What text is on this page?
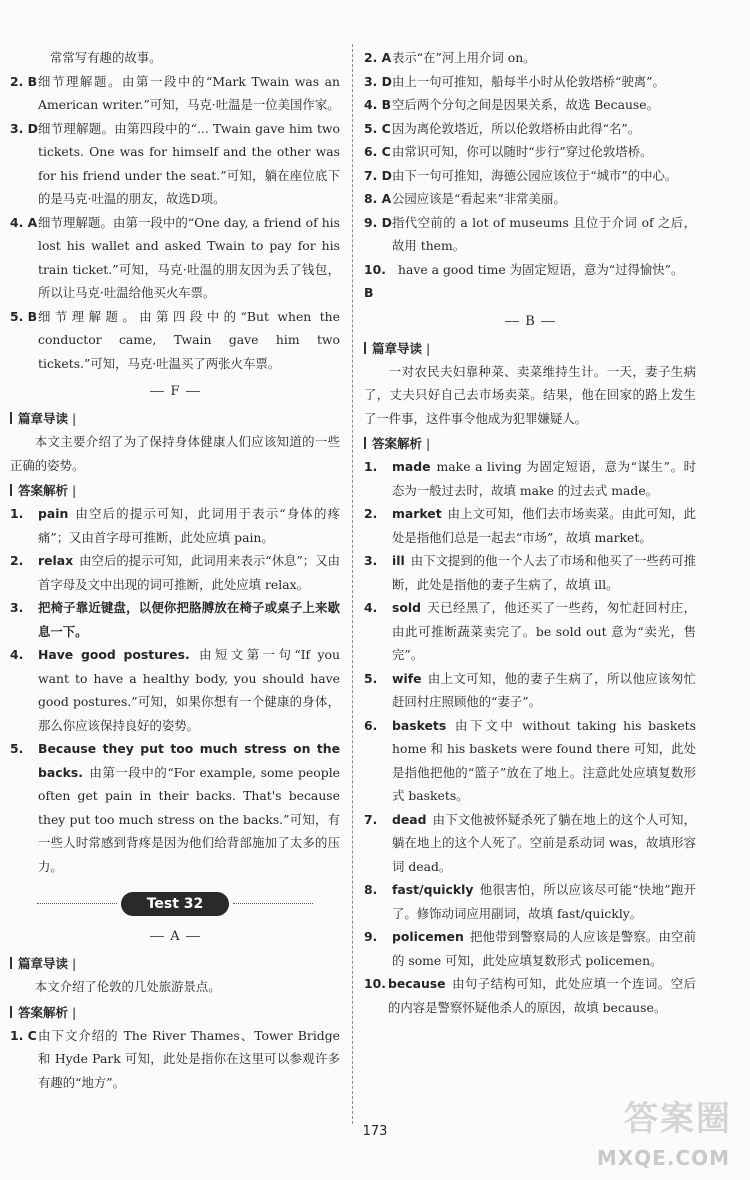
常常写有趣的故事。
2. B 细节理解题。由第一段中的“Mark Twain was an American writer.”可知，马克·吐温是一位美国作家。
3. D 细节理解题。由第四段中的“... Twain gave him two tickets. One was for himself and the other was for his friend under the seat.”可知，躺在座位底下的是马克·吐温的朋友，故选D项。
4. A 细节理解题。由第一段中的“One day, a friend of his lost his wallet and asked Twain to pay for his train ticket.”可知，马克·吐温的朋友因为丢了钱包，所以让马克·吐温给他买火车票。
5. B 细节理解题。由第四段中的“But when the conductor came, Twain gave him two tickets.”可知，马克·吐温买了两张火车票。
F
篇章导读 |

本文主要介绍了为了保持身体健康人们应该知道的一些正确的姿势。

答案解析 |
1.	pain 由空后的提示可知，此词用于表示“身体的疼痛”；又由首字母可推断，此处应填 pain。
2.	relax 由空后的提示可知，此词用来表示“休息”；又由首字母及文中出现的词可推断，此处应填 relax。
3.	把椅子靠近键盘，以便你把胳膊放在椅子或桌子上来歇息一下。
4.	Have good postures. 由短文第一句“If you want to have a healthy body, you should have good postures.”可知，如果你想有一个健康的身体，那么你应该保持良好的姿势。
5.	Because they put too much stress on the backs. 由第一段中的“For example, some people often get pain in their backs. That's because they put too much stress on the backs.”可知，有一些人时常感到背疼是因为他们给背部施加了太多的压力。
Test 32
A
篇章导读 |

本文介绍了伦敦的几处旅游景点。

答案解析 |
1. C 由下文介绍的 The River Thames、Tower Bridge 和 Hyde Park 可知，此处是指你在这里可以参观许多有趣的“地方”。
2. A 表示“在”河上用介词 on。
3. D 由上一句可推知，船每半小时从伦敦塔桥“驶离”。
4. B 空后两个分句之间是因果关系，故选 Because。
5. C 因为离伦敦塔近，所以伦敦塔桥由此得“名”。
6. C 由常识可知，你可以随时“步行”穿过伦敦塔桥。
7. D 由下一句可推知，海德公园应该位于“城市”的中心。
8. A 公园应该是“看起来”非常美丽。
9. D 指代空前的 a lot of museums 且位于介词 of 之后，故用 them。
10. B
have a good time 为固定短语，意为“过得愉快”。
B
篇章导读 |

一对农民夫妇靠种菜、卖菜维持生计。一天，妻子生病了，丈夫只好自己去市场卖菜。结果，他在回家的路上发生了一件事，这件事令他成为犯罪嫌疑人。

答案解析 |
1.	made make a living 为固定短语，意为“谋生”。时态为一般过去时，故填 make 的过去式 made。
2.	market 由上文可知，他们去市场卖菜。由此可知，此处是指他们总是一起去“市场”，故填 market。
3.	ill 由下文提到的他一个人去了市场和他买了一些药可推断，此处是指他的妻子生病了，故填 ill。
4.	sold 天已经黑了，他还买了一些药，匆忙赶回村庄，由此可推断蔬菜卖完了。be sold out 意为“卖光，售完”。
5.	wife 由上文可知，他的妻子生病了，所以他应该匆忙赶回村庄照顾他的“妻子”。
6.	baskets 由下文中 without taking his baskets home 和 his baskets were found there 可知，此处是指他把他的“篮子”放在了地上。注意此处应填复数形式 baskets。
7.	dead 由下文他被怀疑杀死了躺在地上的这个人可知，躺在地上的这个人死了。空前是系动词 was，故填形容词 dead。
8.	fast/quickly 他很害怕，所以应该尽可能“快地”跑开了。修饰动词应用副词，故填 fast/quickly。
9.	policemen 把他带到警察局的人应该是警察。由空前的 some 可知，此处应填复数形式 policemen。
10. because 由句子结构可知，此处应填一个连词。空后的内容是警察怀疑他杀人的原因，故填 because。
173	答案圈
MXQE.COM
